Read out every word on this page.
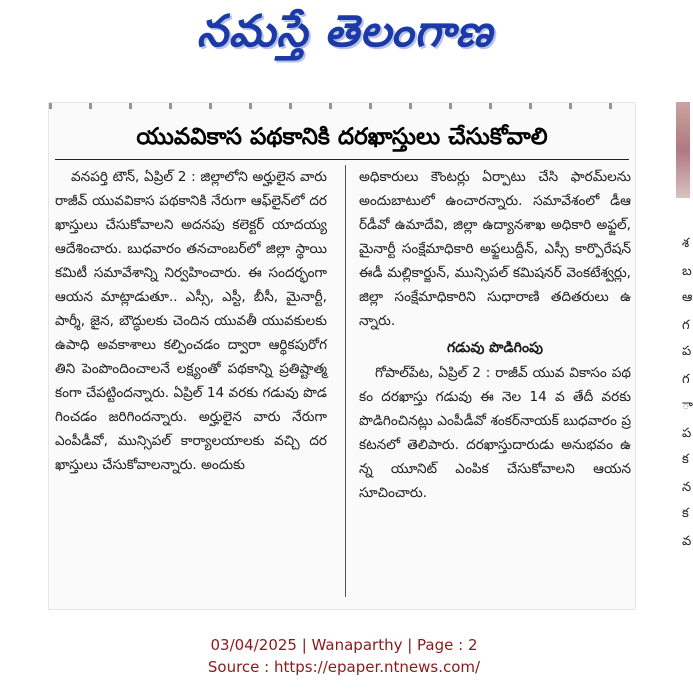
నమస్తే తెలంగాణ
యువవికాస పథకానికి దరఖాస్తులు చేసుకోవాలి

వనపర్తి టౌన్, ఏప్రిల్ 2 : జిల్లాలోని అర్హులైన వారు రాజీవ్ యువవికాస పథకానికి నేరుగా ఆఫ్‌లైన్‌లో దరఖాస్తులు చేసుకోవాలని అదనపు కలెక్టర్ యాదయ్య ఆదేశించారు. బుధవారం తనచాంబర్‌లో జిల్లా స్థాయి కమిటీ సమావేశాన్ని నిర్వహించారు. ఈ సందర్భంగా ఆయన మాట్లాడుతూ.. ఎస్సీ, ఎస్టీ, బీసీ, మైనార్టీ, పార్శీ, జైన, బౌద్ధులకు చెందిన యువతీ యువకులకు ఉపాధి అవకాశాలు కల్పించడం ద్వారా ఆర్థికపురోగతిని పెంపొందించాలనే లక్ష్యంతో పథకాన్ని ప్రతిష్టాత్మకంగా చేపట్టిందన్నారు. ఏప్రిల్ 14 వరకు గడువు పొడగించడం జరిగిందన్నారు. అర్హులైన వారు నేరుగా ఎంపీడీవో, మున్సిపల్ కార్యాలయాలకు వచ్చి దరఖాస్తులు చేసుకోవాలన్నారు. అందుకు

అధికారులు కౌంటర్లు ఏర్పాటు చేసి ఫారమ్‌లను అందుబాటులో ఉంచారన్నారు. సమావేశంలో డీఆర్‌డీవో ఉమాదేవి, జిల్లా ఉద్యానశాఖ అధికారి అఫ్జల్, మైనార్టీ సంక్షేమాధికారి అఫ్జలుద్దీన్, ఎస్సీ కార్పొరేషన్ ఈడీ మల్లికార్జున్, మున్సిపల్ కమిషనర్ వెంకటేశ్వర్లు, జిల్లా సంక్షేమాధికారిని సుధారాణి తదితరులు ఉన్నారు.

గడువు పొడిగింపు

గోపాల్‌పేట, ఏప్రిల్ 2 : రాజీవ్ యువ వికాసం పథకం దరఖాస్తు గడువు ఈ నెల 14 వ తేదీ వరకు పొడిగించినట్లు ఎంపీడీవో శంకర్‌నాయక్ బుధవారం ప్రకటనలో తెలిపారు. దరఖాస్తుదారుడు అనుభవం ఉన్న యూనిట్ ఎంపిక చేసుకోవాలని ఆయన సూచించారు.

శ
బ
ఆ
గ
ప
గ
ా
ప
క
న
క
వ
03/04/2025 | Wanaparthy | Page : 2
Source : https://epaper.ntnews.com/
